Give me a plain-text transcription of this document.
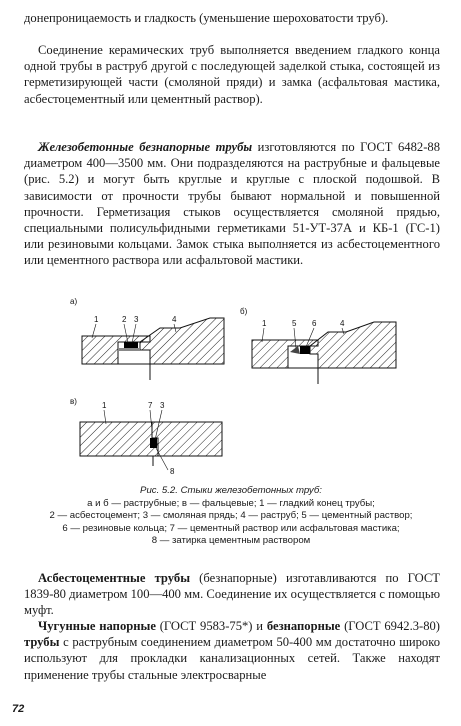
донепроницаемость и гладкость (уменьшение шероховатости труб).

Соединение керамических труб выполняется введением гладкого конца одной трубы в раструб другой с последующей заделкой стыка, состоящей из герметизирующей части (смоляной пряди) и замка (асфальтовая мастика, асбестоцементный или цементный раствор).

Железобетонные безнапорные трубы изготовляются по ГОСТ 6482-88 диаметром 400—3500 мм. Они подразделяются на раструбные и фальцевые (рис. 5.2) и могут быть круглые и круглые с плоской подошвой. В зависимости от прочности трубы бывают нормальной и повышенной прочности. Герметизация стыков осуществляется смоляной прядью, специальными полисульфидными герметиками 51-УТ-37А и КБ-1 (ГС-1) или резиновыми кольцами. Замок стыка выполняется из асбестоцементного или цементного раствора или асфальтовой мастики.

а)
1	2 3	4
б)
1	5 6	4
в)	1	7 3
8
Рис. 5.2. Стыки железобетонных труб:
а и б — раструбные; в — фальцевые; 1 — гладкий конец трубы;
2 — асбестоцемент; 3 — смоляная прядь; 4 — раструб; 5 — цементный раствор;
6 — резиновые кольца; 7 — цементный раствор или асфальтовая мастика;
8 — затирка цементным раствором

Асбестоцементные трубы (безнапорные) изготавливаются по ГОСТ 1839-80 диаметром 100—400 мм. Соединение их осуществляется с помощью муфт.

Чугунные напорные (ГОСТ 9583-75*) и безнапорные (ГОСТ 6942.3-80) трубы с раструбным соединением диаметром 50-400 мм достаточно широко используют для прокладки канализационных сетей. Также находят применение трубы стальные электросварные

72
